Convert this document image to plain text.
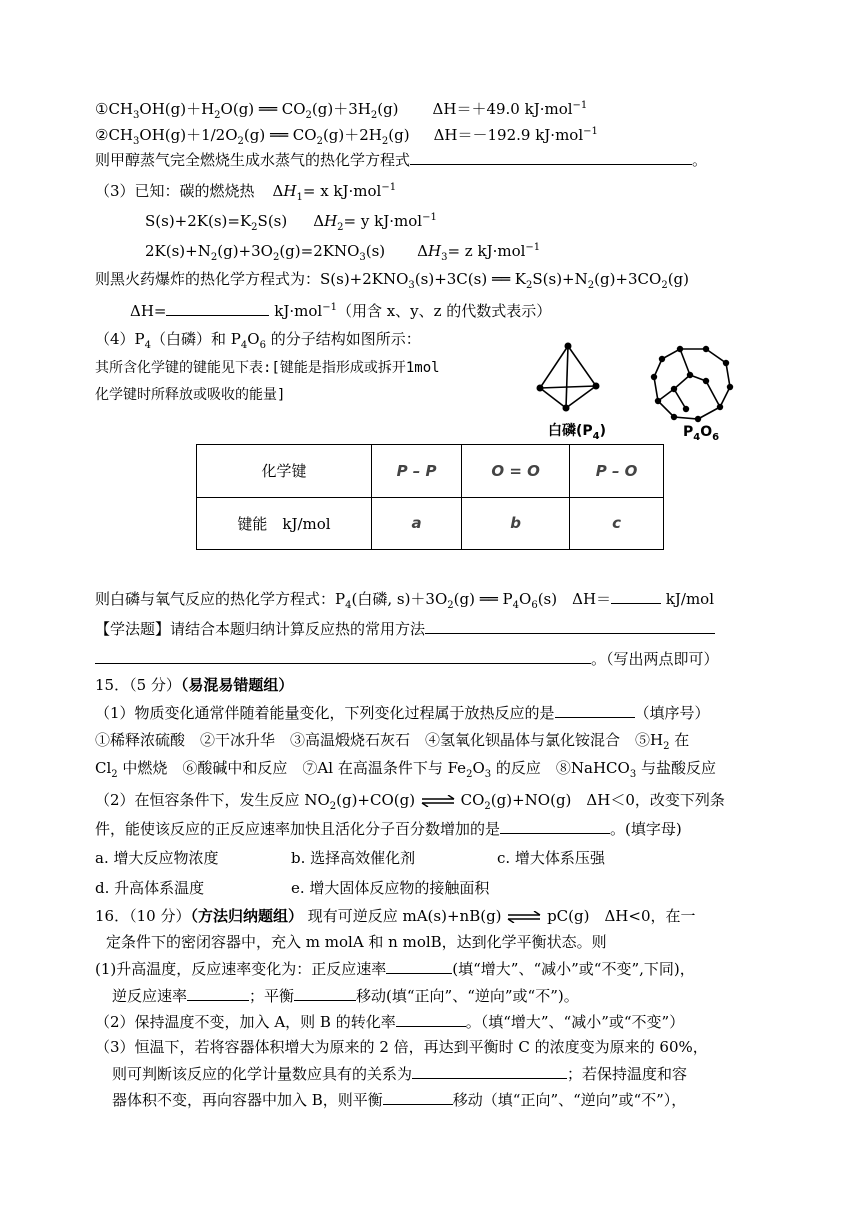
$①CH_3OH(g)+H_2O(g)$ ══ $CO_2(g)+3H_2(g)$ ΔH＝＋49.0 kJ·mol$^{-1}$
$②CH_3OH(g)+1/2O_2(g)$ ══ $CO_2(g)+2H_2(g)$ ΔH＝－192.9 kJ·mol$^{-1}$
则甲醇蒸气完全燃烧生成水蒸气的热化学方程式	。
（3）已知：碳的燃烧热 $\Delta H_1= x$ kJ·mol$^{-1}$
$S(s)+2K(s)=K_2S(s)$ $\Delta H_2= y$ kJ·mol$^{-1}$
$2K(s)+N_2(g)+3O_2(g)=2KNO_3(s)$ $\Delta H_3= z$ kJ·mol$^{-1}$
则黑火药爆炸的热化学方程式为：$S(s)+2KNO_3(s)+3C(s)$ ══ $K_2S(s)+N_2(g)+3CO_2(g)$
ΔH=	kJ·mol$^{-1}$（用含 x、y、z 的代数式表示）
$(4)P_4$（白磷）和 $P_4O_6$ 的分子结构如图所示：
其所含化学键的键能见下表:[键能是指形成或拆开1mol
化学键时所释放或吸收的能量]
白磷$(P_4)$	$P_4O_6$
化学键	P – P	O = O	P – O
键能　kJ/mol	a	b	c
则白磷与氧气反应的热化学方程式：$P_4$(白磷, $s)+3O_2(g)$ ══ $P_4O_6(s)$　ΔH＝	kJ/mol
【学法题】请结合本题归纳计算反应热的常用方法
。（写出两点即可）
15．（5 分）（易混易错题组）
（1）物质变化通常伴随着能量变化，下列变化过程属于放热反应的是	（填序号）
①稀释浓硫酸　②干冰升华　③高温煅烧石灰石　④氢氧化钡晶体与氯化铵混合　$⑤H_2$ 在
$Cl_2$ 中燃烧　⑥酸碱中和反应　⑦Al 在高温条件下与 $Fe_2O_3$ 的反应　⑧NaHCO$_3$ 与盐酸反应
（2）在恒容条件下，发生反应 $NO_2(g)+CO(g)$ ⇌ $CO_2(g)+NO(g)$　ΔH＜0，改变下列条
件，能使该反应的正反应速率加快且活化分子百分数增加的是	。(填字母)
a. 增大反应物浓度	b. 选择高效催化剂	c. 增大体系压强
d. 升高体系温度	e. 增大固体反应物的接触面积
16．（10 分）（方法归纳题组） 现有可逆反应 mA(s)+nB(g) ⇌ pC(g)　ΔH<0，在一
定条件下的密闭容器中，充入 m molA 和 n molB，达到化学平衡状态。则
(1)升高温度，反应速率变化为：正反应速率	(填“增大”、“减小”或“不变”,下同)，
逆反应速率	；平衡	移动(填“正向”、“逆向”或“不”)。
（2）保持温度不变，加入 A，则 B 的转化率	。（填“增大”、“减小”或“不变”）
（3）恒温下，若将容器体积增大为原来的 2 倍，再达到平衡时 C 的浓度变为原来的 60%，
则可判断该反应的化学计量数应具有的关系为	；若保持温度和容
器体积不变，再向容器中加入 B，则平衡	移动（填“正向”、“逆向”或“不”），
